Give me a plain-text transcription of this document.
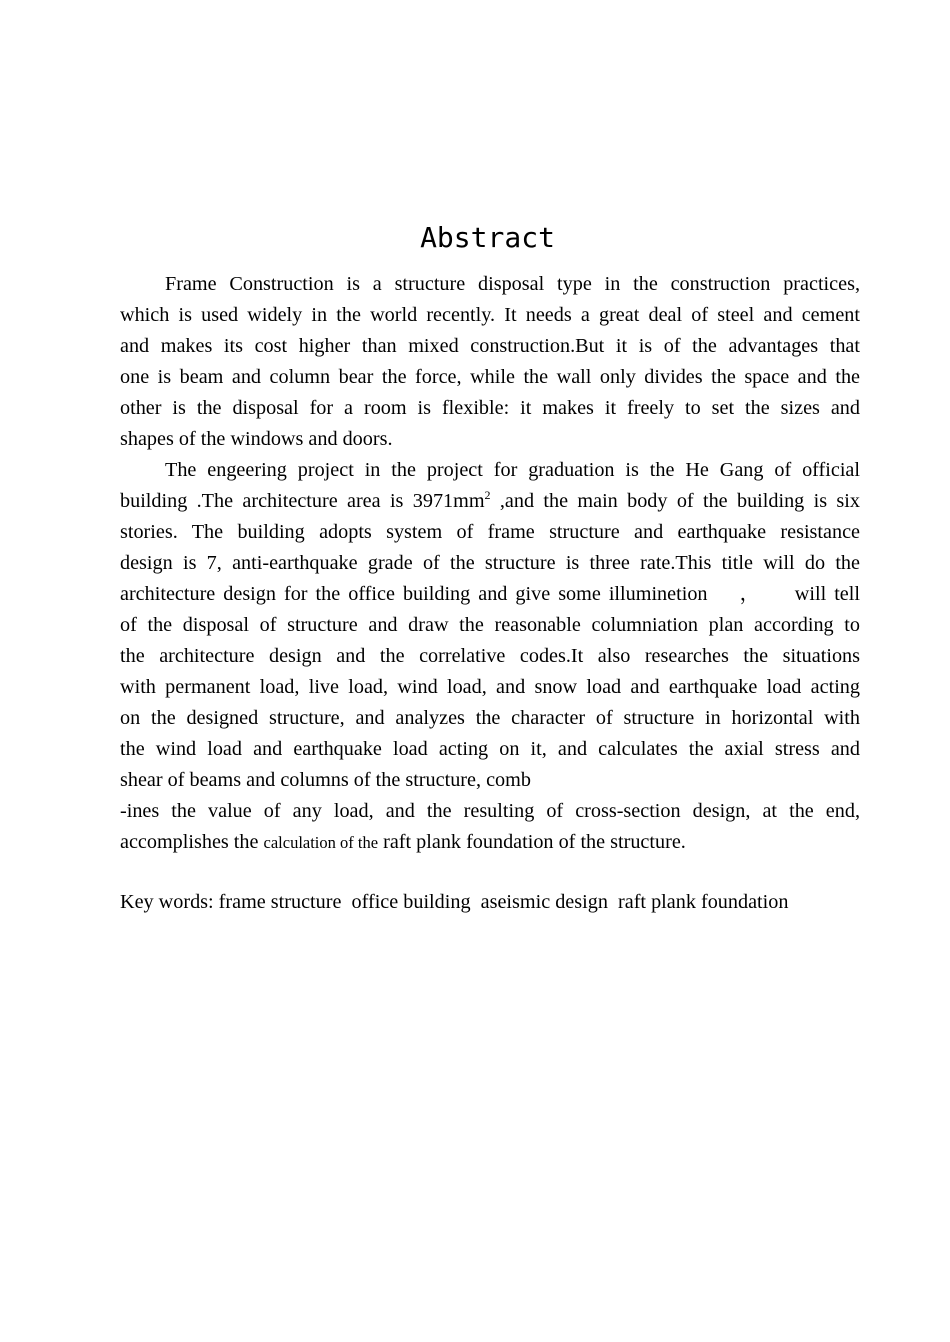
Abstract
Frame Construction is a structure disposal type in the construction practices,
which is used widely in the world recently. It needs a great deal of steel and cement
and makes its cost higher than mixed construction.But it is of the advantages that
one is beam and column bear the force, while the wall only divides the space and the
other is the disposal for a room is flexible: it makes it freely to set the sizes and
shapes of the windows and doors.
The engeering project in the project for graduation is the He Gang of official
building .The architecture area is $3971mm^2$ ,and the main body of the building is six
stories. The building adopts system of frame structure and earthquake resistance
design is 7, anti-earthquake grade of the structure is three rate.This title will do the
architecture design for the office building and give some illuminetion    ，    will tell
of the disposal of structure and draw the reasonable columniation plan according to
the architecture design and the correlative codes.It also researches the situations
with permanent load, live load, wind load, and snow load and earthquake load acting
on the designed structure, and analyzes the character of structure in horizontal with
the wind load and earthquake load acting on it, and calculates the axial stress and
shear of beams and columns of the structure, comb
-ines the value of any load, and the resulting of cross-section design, at the end,
accomplishes the calculation of the raft plank foundation of the structure.
Key words: frame structure  office building  aseismic design  raft plank foundation
